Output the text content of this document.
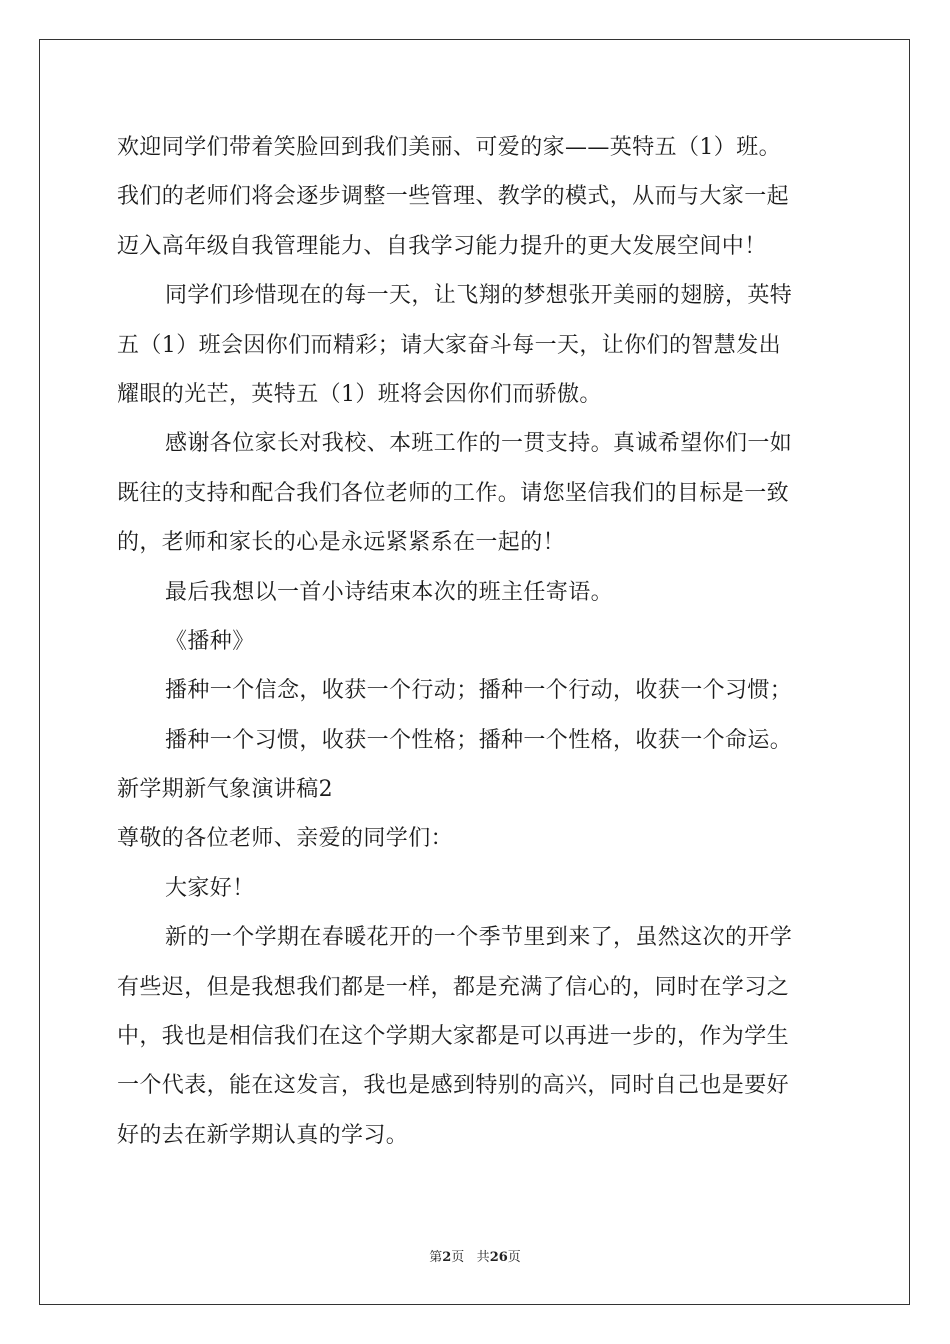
欢迎同学们带着笑脸回到我们美丽、可爱的家——英特五（1）班。
我们的老师们将会逐步调整一些管理、教学的模式，从而与大家一起
迈入高年级自我管理能力、自我学习能力提升的更大发展空间中！
同学们珍惜现在的每一天，让飞翔的梦想张开美丽的翅膀，英特
五（1）班会因你们而精彩；请大家奋斗每一天，让你们的智慧发出
耀眼的光芒，英特五（1）班将会因你们而骄傲。
感谢各位家长对我校、本班工作的一贯支持。真诚希望你们一如
既往的支持和配合我们各位老师的工作。请您坚信我们的目标是一致
的，老师和家长的心是永远紧紧系在一起的！
最后我想以一首小诗结束本次的班主任寄语。
《播种》
播种一个信念，收获一个行动；播种一个行动，收获一个习惯；
播种一个习惯，收获一个性格；播种一个性格，收获一个命运。
新学期新气象演讲稿2
尊敬的各位老师、亲爱的同学们：
大家好！
新的一个学期在春暖花开的一个季节里到来了，虽然这次的开学
有些迟，但是我想我们都是一样，都是充满了信心的，同时在学习之
中，我也是相信我们在这个学期大家都是可以再进一步的，作为学生
一个代表，能在这发言，我也是感到特别的高兴，同时自己也是要好
好的去在新学期认真的学习。
第2页 共26页
